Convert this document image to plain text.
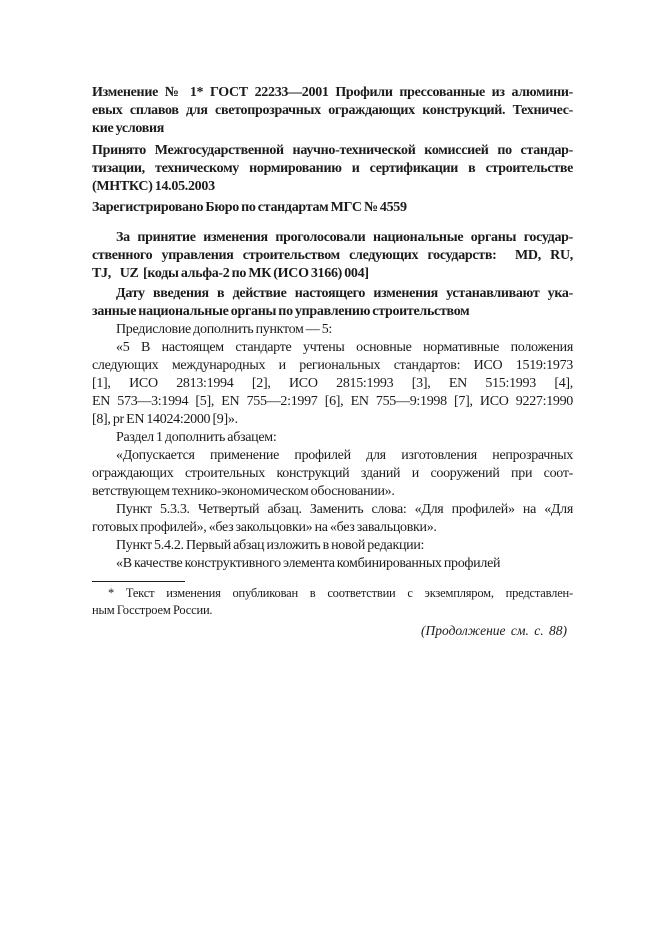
Изменение № 1* ГОСТ 22233—2001 Профили прессованные из алюмини-
евых сплавов для светопрозрачных ограждающих конструкций. Техничес-
кие условия
Принято Межгосударственной научно-технической комиссией по стандар-
тизации, техническому нормированию и сертификации в строительстве
(МНТКС) 14.05.2003
Зарегистрировано Бюро по стандартам МГС № 4559
За принятие изменения проголосовали национальные органы государ-
ственного управления строительством следующих государств:  MD, RU,
TJ,    UZ  [коды альфа-2 по МК (ИСО 3166) 004]
Дату введения в действие настоящего изменения устанавливают ука-
занные национальные органы по управлению строительством
Предисловие дополнить пунктом — 5:
«5 В настоящем стандарте учтены основные нормативные положения
следующих международных и региональных стандартов: ИСО 1519:1973
[1], ИСО 2813:1994 [2], ИСО 2815:1993 [3], EN 515:1993 [4],
EN 573—3:1994 [5], EN 755—2:1997 [6], EN 755—9:1998 [7], ИСО 9227:1990
[8], pr EN 14024:2000 [9]».
Раздел 1 дополнить абзацем:
«Допускается применение профилей для изготовления непрозрачных
ограждающих строительных конструкций зданий и сооружений при соот-
ветствующем технико-экономическом обосновании».
Пункт 5.3.3. Четвертый абзац. Заменить слова: «Для профилей» на «Для
готовых профилей», «без закольцовки» на «без завальцовки».
Пункт 5.4.2. Первый абзац изложить в новой редакции:
«В качестве конструктивного элемента комбинированных профилей
* Текст изменения опубликован в соответствии с экземпляром, представлен-
ным Госстроем России.
(Продолжение см. с. 88)
